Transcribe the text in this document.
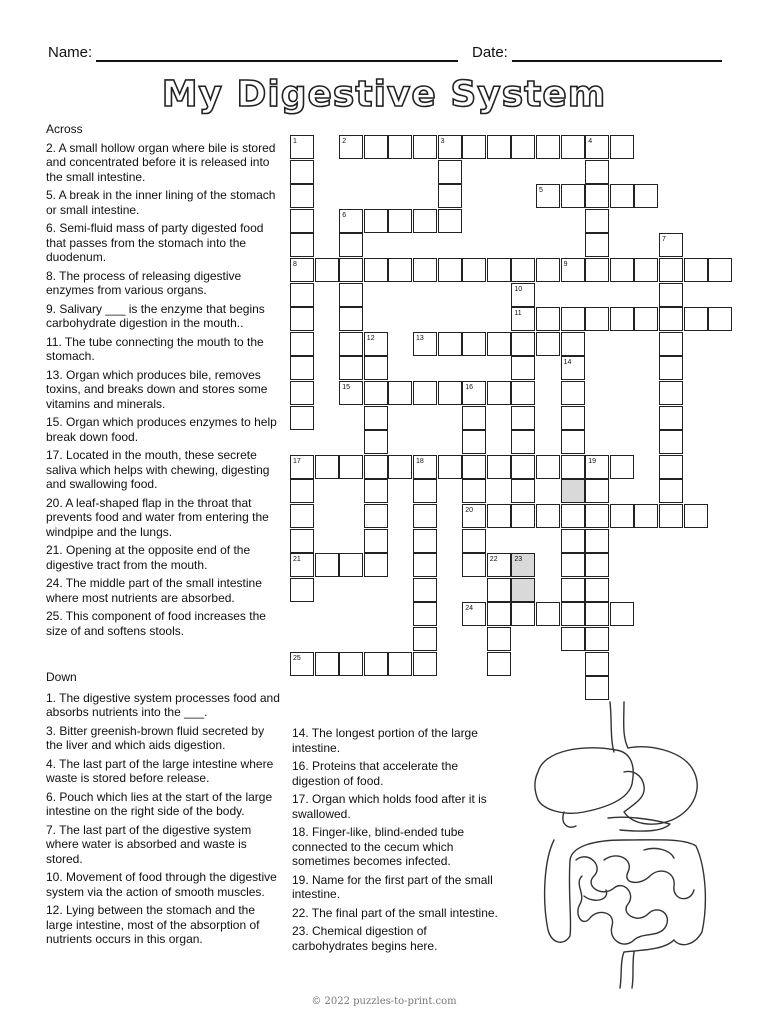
Name:	Date:
My Digestive System
Across
2. A small hollow organ where bile is stored and concentrated before it is released into the small intestine.
5. A break in the inner lining of the stomach or small intestine.
6. Semi-fluid mass of party digested food that passes from the stomach into the duodenum.
8. The process of releasing digestive enzymes from various organs.
9. Salivary ___ is the enzyme that begins carbohydrate digestion in the mouth..
11. The tube connecting the mouth to the stomach.
13. Organ which produces bile, removes toxins, and breaks down and stores some vitamins and minerals.
15. Organ which produces enzymes to help break down food.
17. Located in the mouth, these secrete saliva which helps with chewing, digesting and swallowing food.
20. A leaf-shaped flap in the throat that prevents food and water from entering the windpipe and the lungs.
21. Opening at the opposite end of the digestive tract from the mouth.
24. The middle part of the small intestine where most nutrients are absorbed.
25. This component of food increases the size of and softens stools.
Down
1. The digestive system processes food and absorbs nutrients into the ___.
3. Bitter greenish-brown fluid secreted by the liver and which aids digestion.
4. The last part of the large intestine where waste is stored before release.
6. Pouch which lies at the start of the large intestine on the right side of the body.
7. The last part of the digestive system where water is absorbed and waste is stored.
10. Movement of food through the digestive system via the action of smooth muscles.
12. Lying between the stomach and the large intestine, most of the absorption of nutrients occurs in this organ.
14. The longest portion of the large intestine.
16. Proteins that accelerate the digestion of food.
17. Organ which holds food after it is swallowed.
18. Finger-like, blind-ended tube connected to the cecum which sometimes becomes infected.
19. Name for the first part of the small intestine.
22. The final part of the small intestine.
23. Chemical digestion of carbohydrates begins here.
1	2	3	4
5
6
7
8	9
10
11
12	13
14
15	16
17	18	19
20
21	22 23
24
25
© 2022 puzzles-to-print.com
